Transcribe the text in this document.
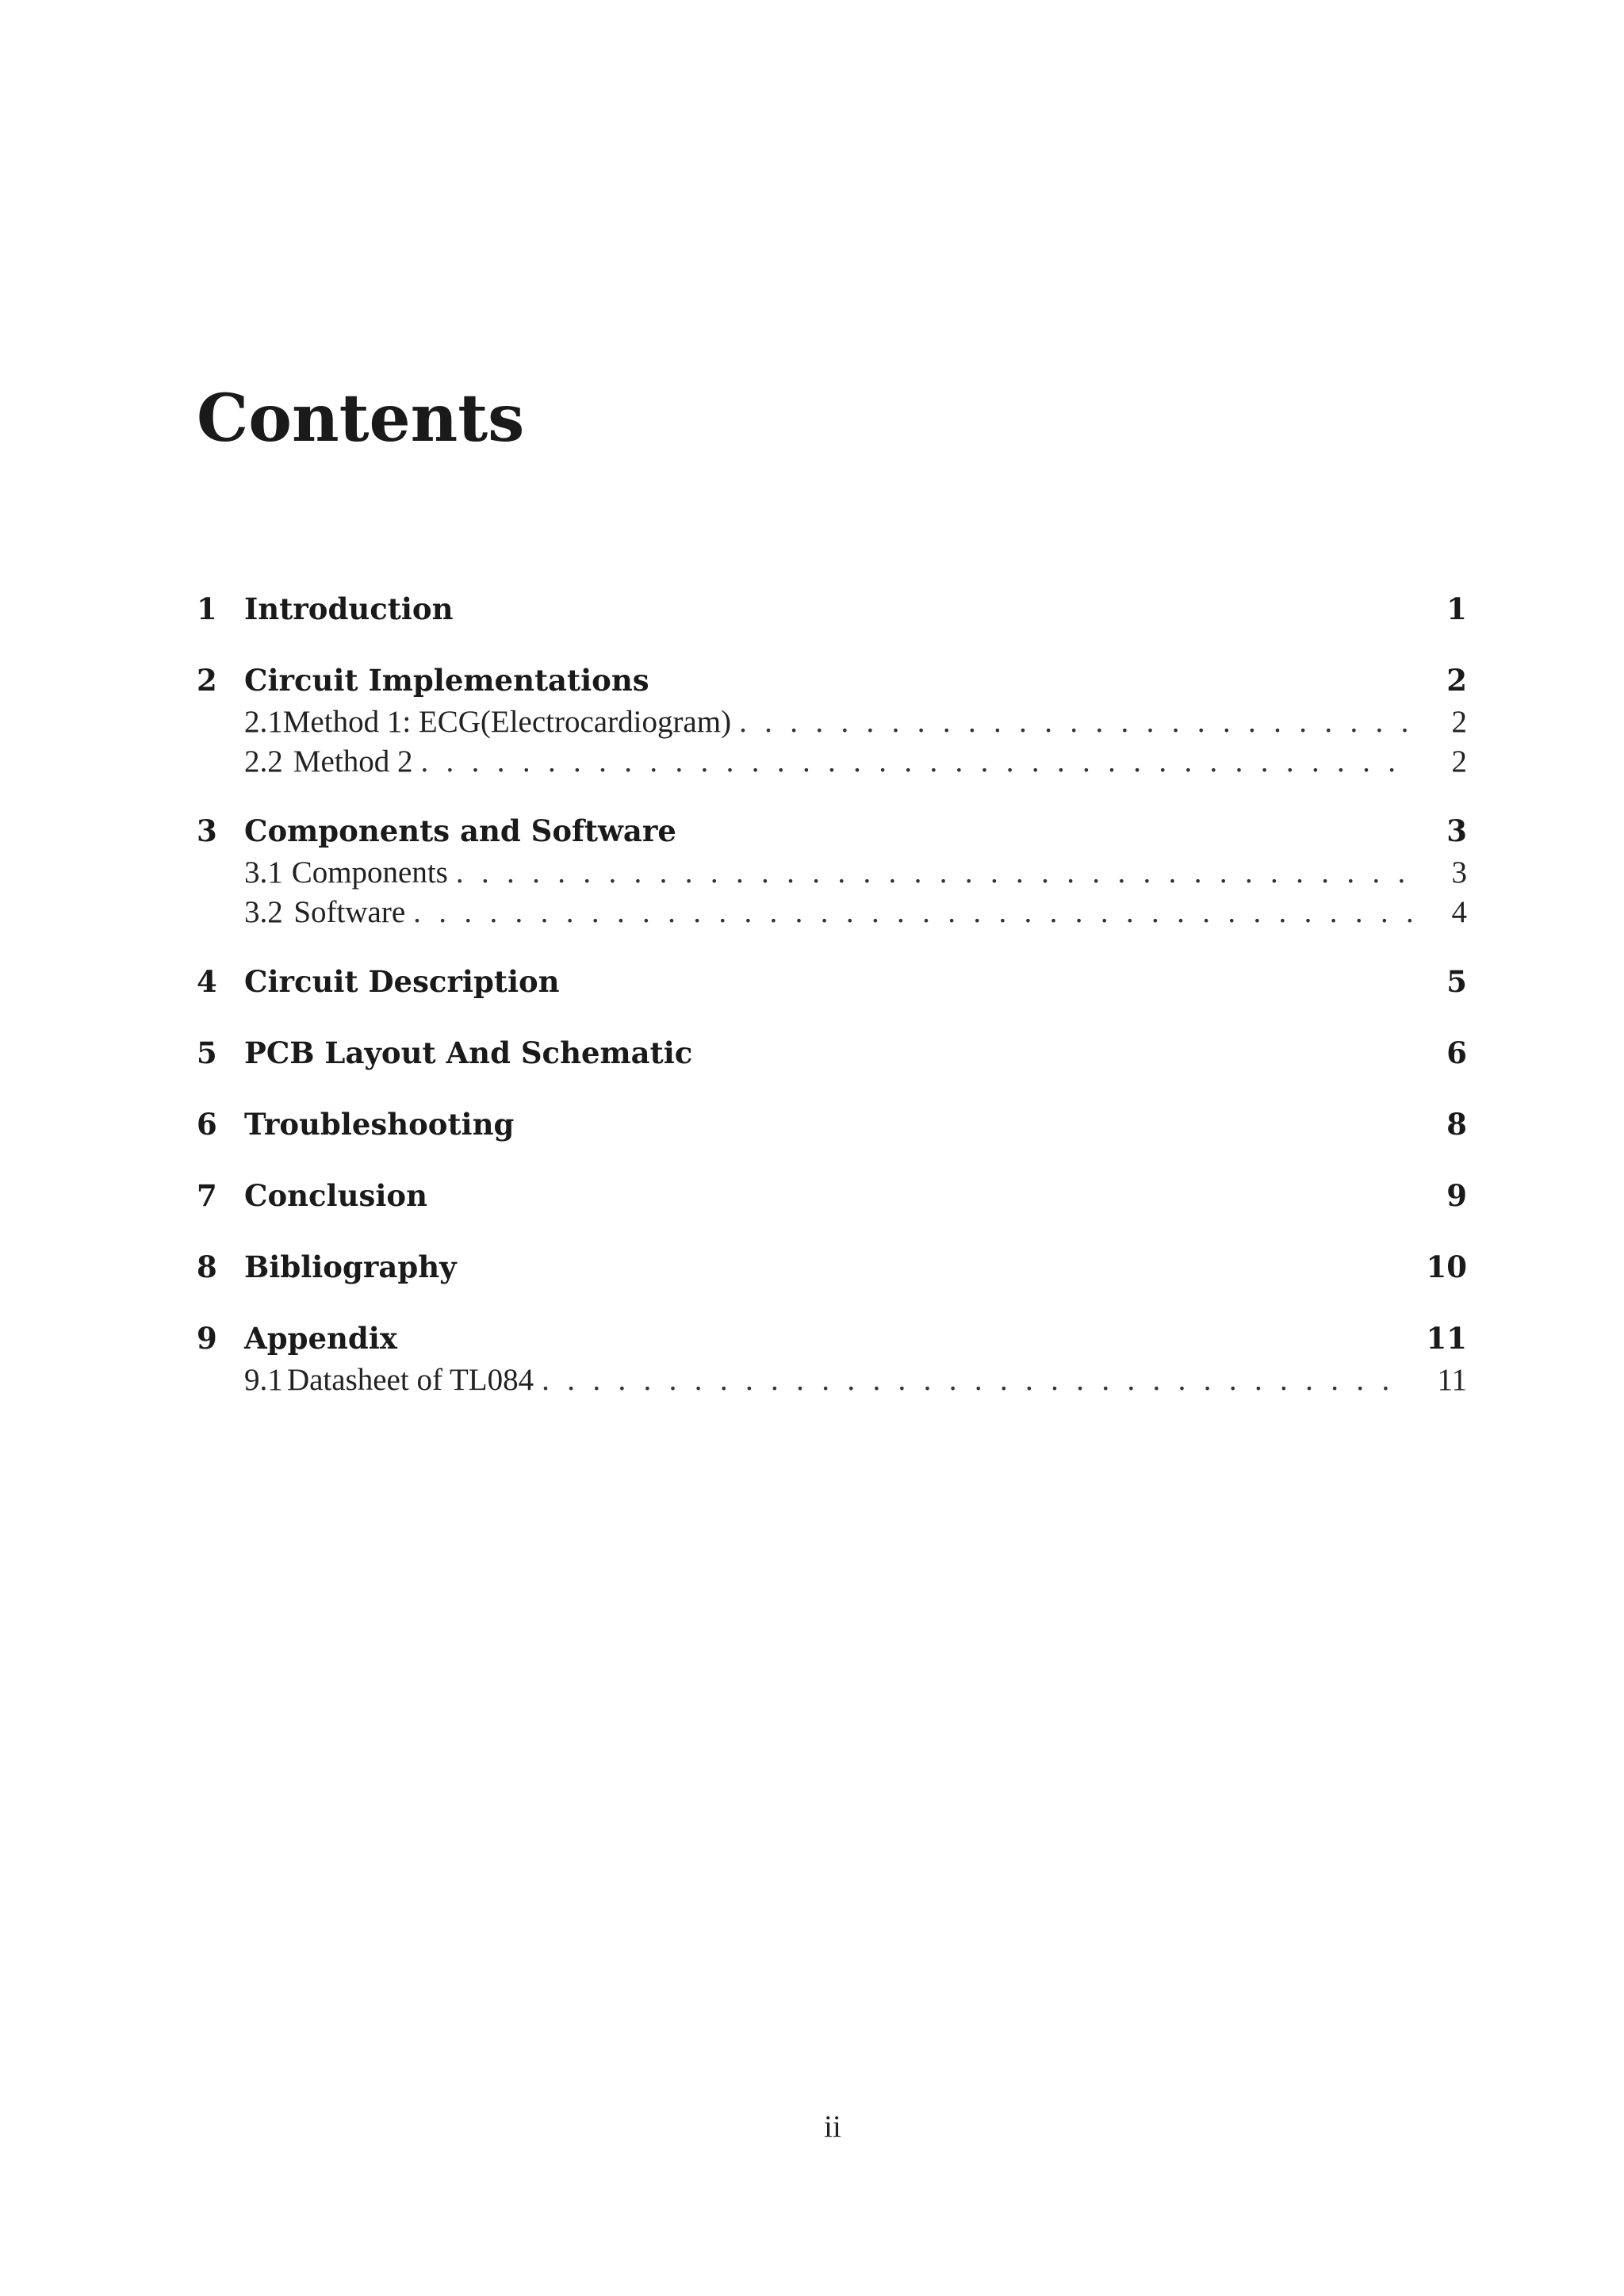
Contents
1 Introduction	1
2 Circuit Implementations	2
2.1 Method 1: ECG(Electrocardiogram) . . .	2
2.2 Method 2 . . .	2
3 Components and Software	3
3.1 Components . . .	3
3.2 Software . . .	4
4 Circuit Description	5
5 PCB Layout And Schematic	6
6 Troubleshooting	8
7 Conclusion	9
8 Bibliography	10
9 Appendix	11
9.1 Datasheet of TL084 . . .	11
ii
